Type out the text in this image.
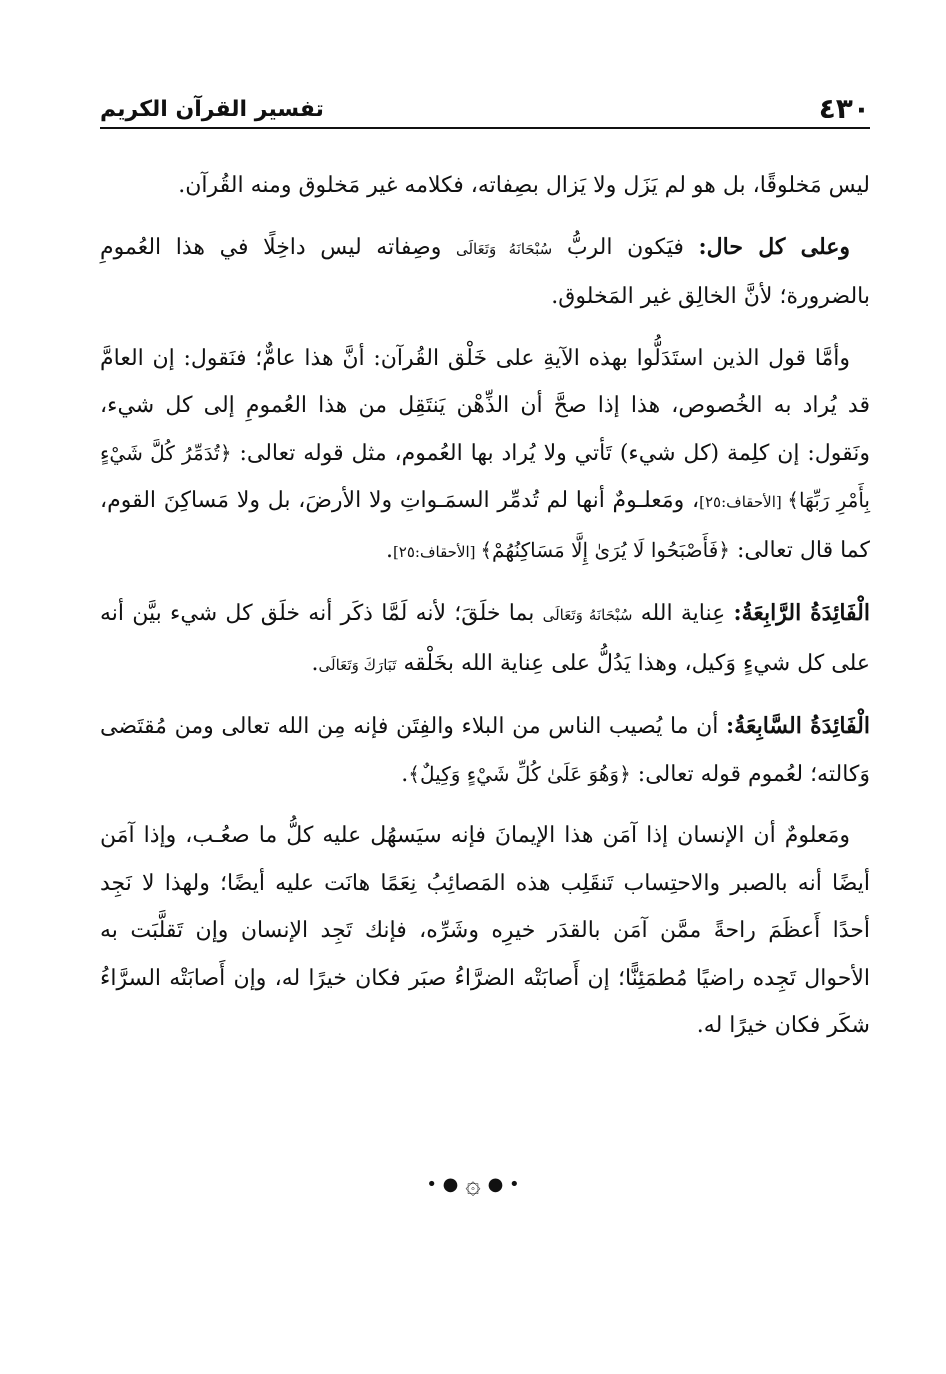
٤٣٠
تفسير القرآن الكريم

ليس مَخلوقًا، بل هو لم يَزَل ولا يَزال بصِفاته، فكلامه غير مَخلوق ومنه القُرآن.

وعلى كل حال: فيَكون الربُّ سُبْحَانَهُ وَتَعَالَى وصِفاته ليس داخِلًا في هذا العُمومِ بالضرورة؛ لأنَّ الخالِق غير المَخلوق.

وأمَّا قول الذين استَدَلُّوا بهذه الآيةِ على خَلْق القُرآن: أنَّ هذا عامٌّ؛ فنَقول: إن العامَّ قد يُراد به الخُصوص، هذا إذا صحَّ أن الذِّهْن يَنتَقِل من هذا العُمومِ إلى كل شيء، ونَقول: إن كلِمة (كل شيء) تَأتي ولا يُراد بها العُموم، مثل قوله تعالى: ﴿تُدَمِّرُ كُلَّ شَيْءٍ بِأَمْرِ رَبِّهَا﴾ [الأحقاف:٢٥]، ومَعلـومٌ أنها لم تُدمِّر السمَـواتِ ولا الأرضَ، بل ولا مَساكِنَ القوم، كما قال تعالى: ﴿فَأَصْبَحُوا لَا يُرَىٰ إِلَّا مَسَاكِنُهُمْ﴾ [الأحقاف:٢٥].

الْفَائِدَةُ الرَّابِعَةُ: عِناية الله سُبْحَانَهُ وَتَعَالَى بما خلَقَ؛ لأنه لَمَّا ذكَر أنه خلَق كل شيء بيَّن أنه على كل شيءٍ وَكيل، وهذا يَدُلُّ على عِناية الله بخَلْقه تَبَارَكَ وَتَعَالَى.

الْفَائِدَةُ السَّابِعَةُ: أن ما يُصيب الناس من البلاء والفِتَن فإنه مِن الله تعالى ومن مُقتَضى وَكالته؛ لعُموم قوله تعالى: ﴿وَهُوَ عَلَىٰ كُلِّ شَيْءٍ وَكِيلٌ﴾.

ومَعلومٌ أن الإنسان إذا آمَن هذا الإيمانَ فإنه سيَسهُل عليه كلُّ ما صعُـب، وإذا آمَن أيضًا أنه بالصبر والاحتِساب تَنقَلِب هذه المَصائِبُ نِعَمًا هانَت عليه أيضًا؛ ولهذا لا نَجِد أحدًا أَعظَمَ راحةً ممَّن آمَن بالقدَر خيرِه وشَرِّه، فإنك تَجِد الإنسان وإن تَقلَّبَت به الأحوال تَجِده راضيًا مُطمَئِنًّا؛ إن أَصابَتْه الضرَّاءُ صبَر فكان خيرًا له، وإن أَصابَتْه السرَّاءُ شكَر فكان خيرًا له.

• ● ۞ ● •
